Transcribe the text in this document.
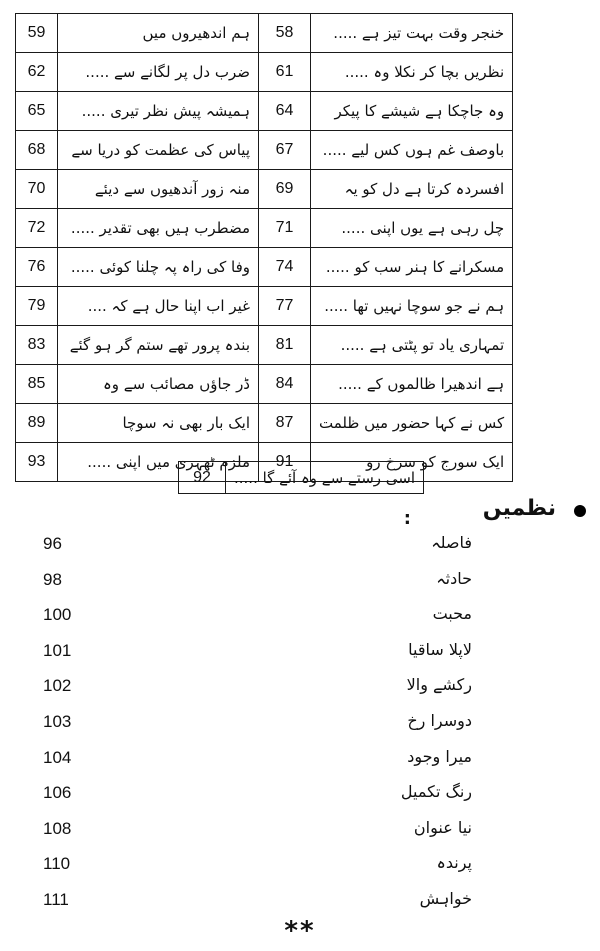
59	ہم اندھیروں میں	58	خنجر وقت بہت تیز ہے .....
62	ضرب دل پر لگانے سے .....	61	نظریں بچا کر نکلا وہ .....
65	ہمیشہ پیش نظر تیری .....	64	وہ جاچکا ہے شیشے کا پیکر
68	پیاس کی عظمت کو دریا سے	67	باوصف غم ہوں کس لیے .....
70	منہ زور آندھیوں سے دیئے	69	افسردہ کرتا ہے دل کو یہ
72	مضطرب ہیں بھی تقدیر .....	71	چل رہی ہے یوں اپنی .....
76	وفا کی راہ پہ چلنا کوئی .....	74	مسکرانے کا ہنر سب کو .....
79	غیر اب اپنا حال ہے کہ ....	77	ہم نے جو سوچا نہیں تھا .....
83	بندہ پرور تھے ستم گر ہو گئے	81	تمہاری یاد تو پٹتی ہے .....
85	ڈر جاؤں مصائب سے وہ	84	ہے اندھیرا ظالموں کے .....
89	ایک بار بھی نہ سوچا	87	کس نے کہا حضور میں ظلمت
93	ملزم ٹھہری میں اپنی .....	91	ایک سورج کو سرخ رو
92	اسی رستے سے وہ آئے گا .....
نظمیں
:
96	فاصلہ
98	حادثہ
100	محبت
101	لاپلا ساقیا
102	رکشے والا
103	دوسرا رخ
104	میرا وجود
106	رنگ تکمیل
108	نیا عنوان
110	پرندہ
111	خواہش
**
